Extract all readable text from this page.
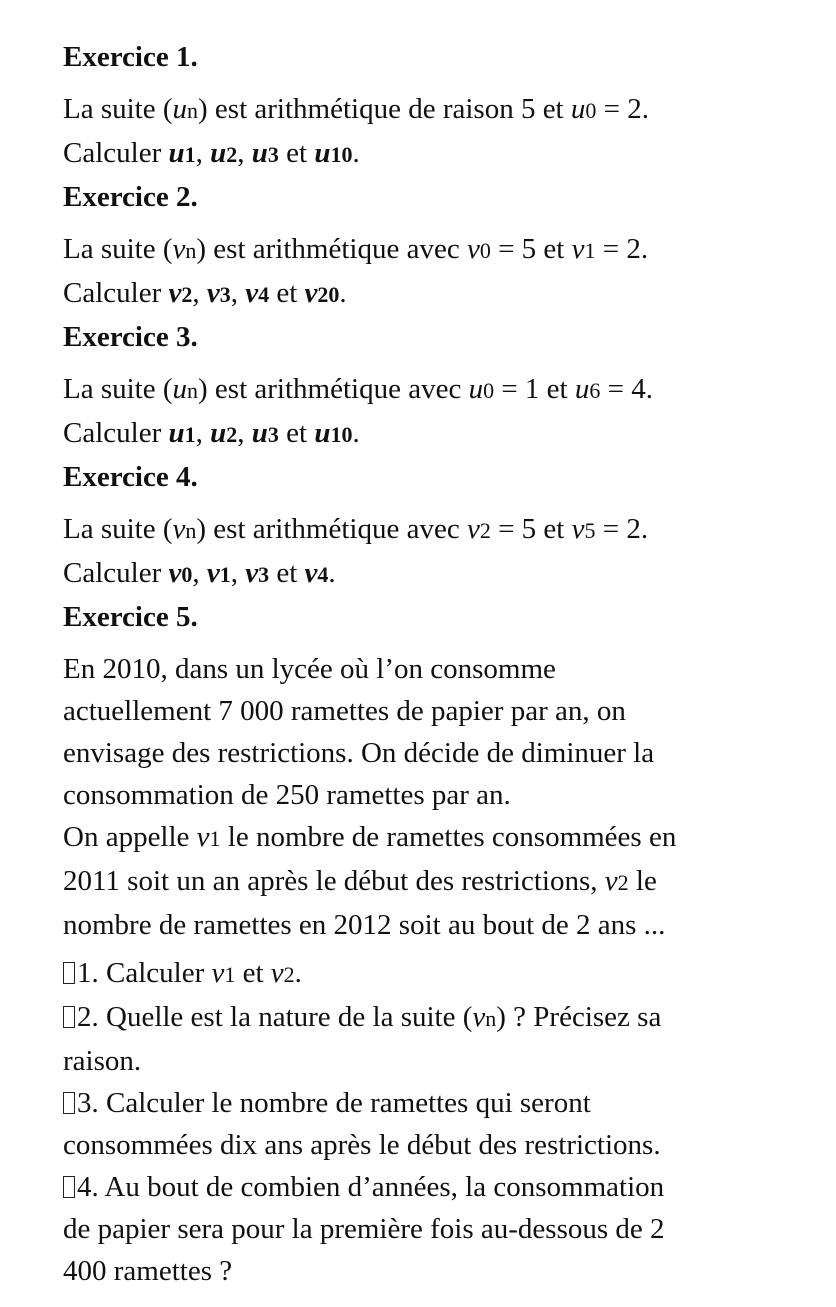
Exercice 1.
La suite (un) est arithmétique de raison 5 et u0 = 2.
Calculer u1, u2, u3 et u10.
Exercice 2.
La suite (vn) est arithmétique avec v0 = 5 et v1 = 2.
Calculer v2, v3, v4 et v20.
Exercice 3.
La suite (un) est arithmétique avec u0 = 1 et u6 = 4.
Calculer u1, u2, u3 et u10.
Exercice 4.
La suite (vn) est arithmétique avec v2 = 5 et v5 = 2.
Calculer v0, v1, v3 et v4.
Exercice 5.
En 2010, dans un lycée où l’on consomme
actuellement 7 000 ramettes de papier par an, on
envisage des restrictions. On décide de diminuer la
consommation de 250 ramettes par an.
On appelle v1 le nombre de ramettes consommées en
2011 soit un an après le début des restrictions, v2 le
nombre de ramettes en 2012 soit au bout de 2 ans ...
1. Calculer v1 et v2.
2. Quelle est la nature de la suite (vn) ? Précisez sa
raison.
3. Calculer le nombre de ramettes qui seront
consommées dix ans après le début des restrictions.
4. Au bout de combien d’années, la consommation
de papier sera pour la première fois au-dessous de 2
400 ramettes ?
